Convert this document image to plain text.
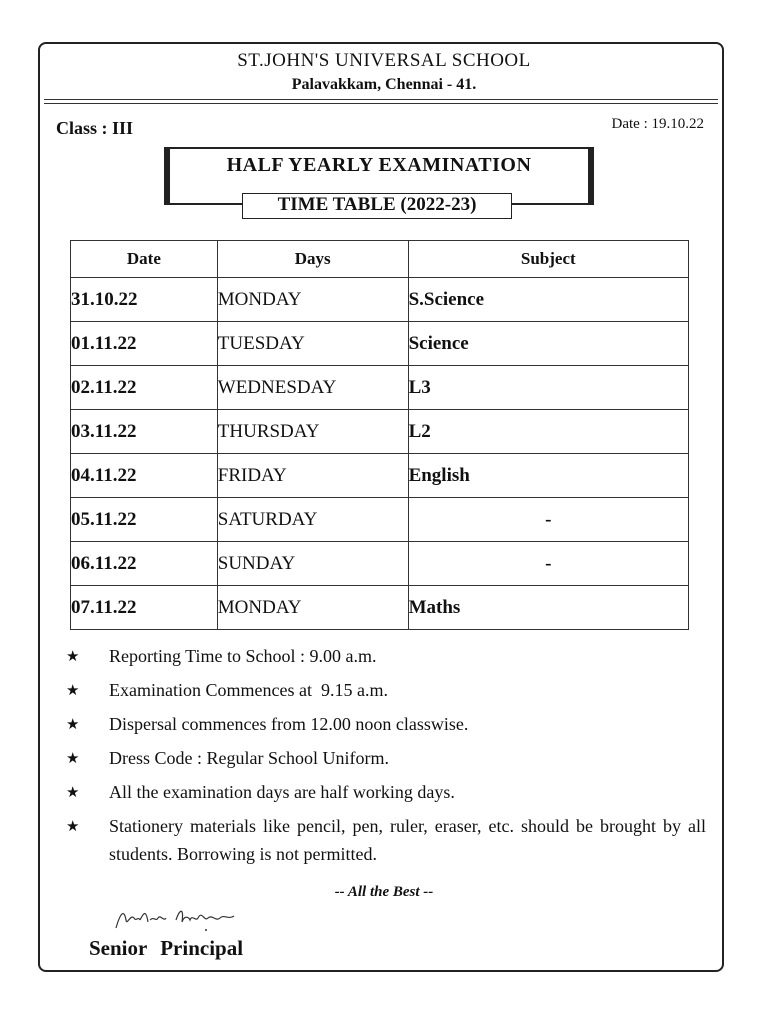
ST.JOHN'S UNIVERSAL SCHOOL
Palavakkam, Chennai - 41.
Class : III	Date : 19.10.22
HALF YEARLY EXAMINATION
TIME TABLE (2022-23)
Date	Days	Subject
31.10.22	MONDAY	S.Science
01.11.22	TUESDAY	Science
02.11.22	WEDNESDAY	L3
03.11.22	THURSDAY	L2
04.11.22	FRIDAY	English
05.11.22	SATURDAY	-
06.11.22	SUNDAY	-
07.11.22	MONDAY	Maths
★ Reporting Time to School : 9.00 a.m.
★ Examination Commences at  9.15 a.m.
★ Dispersal commences from 12.00 noon classwise.
★ Dress Code : Regular School Uniform.
★ All the examination days are half working days.
★ Stationery materials like pencil, pen, ruler, eraser, etc. should be brought by all students. Borrowing is not permitted.
-- All the Best --
Senior Principal
